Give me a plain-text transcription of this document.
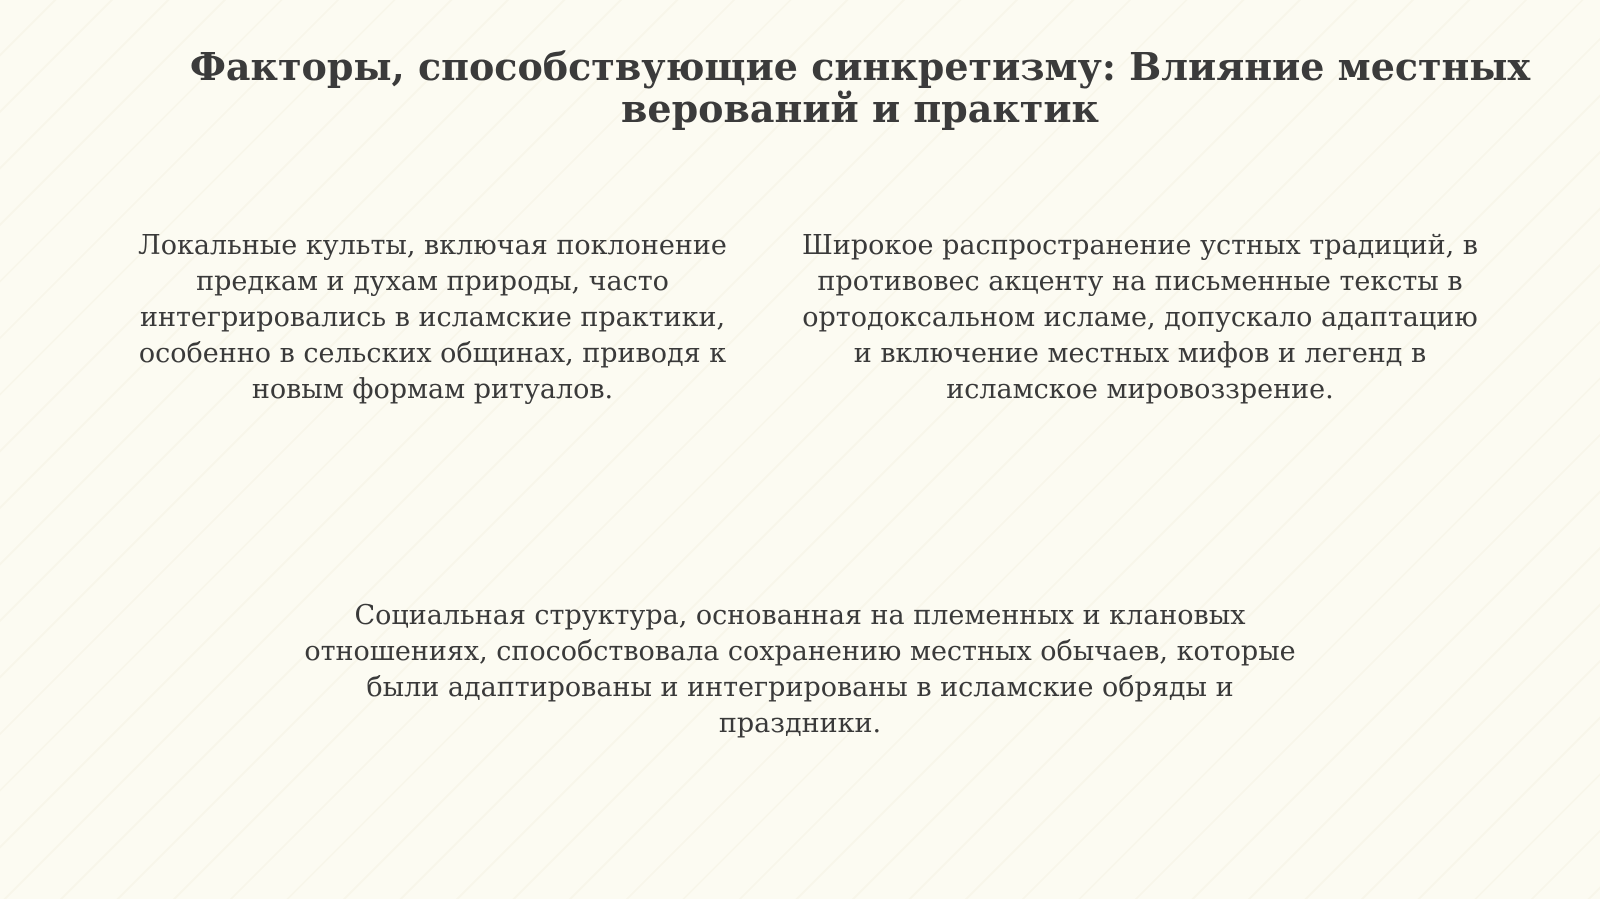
Факторы, способствующие синкретизму: Влияние местных верований и практик

Локальные культы, включая поклонение предкам и духам природы, часто интегрировались в исламские практики, особенно в сельских общинах, приводя к новым формам ритуалов.

Широкое распространение устных традиций, в противовес акценту на письменные тексты в ортодоксальном исламе, допускало адаптацию и включение местных мифов и легенд в исламское мировоззрение.

Социальная структура, основанная на племенных и клановых отношениях, способствовала сохранению местных обычаев, которые были адаптированы и интегрированы в исламские обряды и праздники.
